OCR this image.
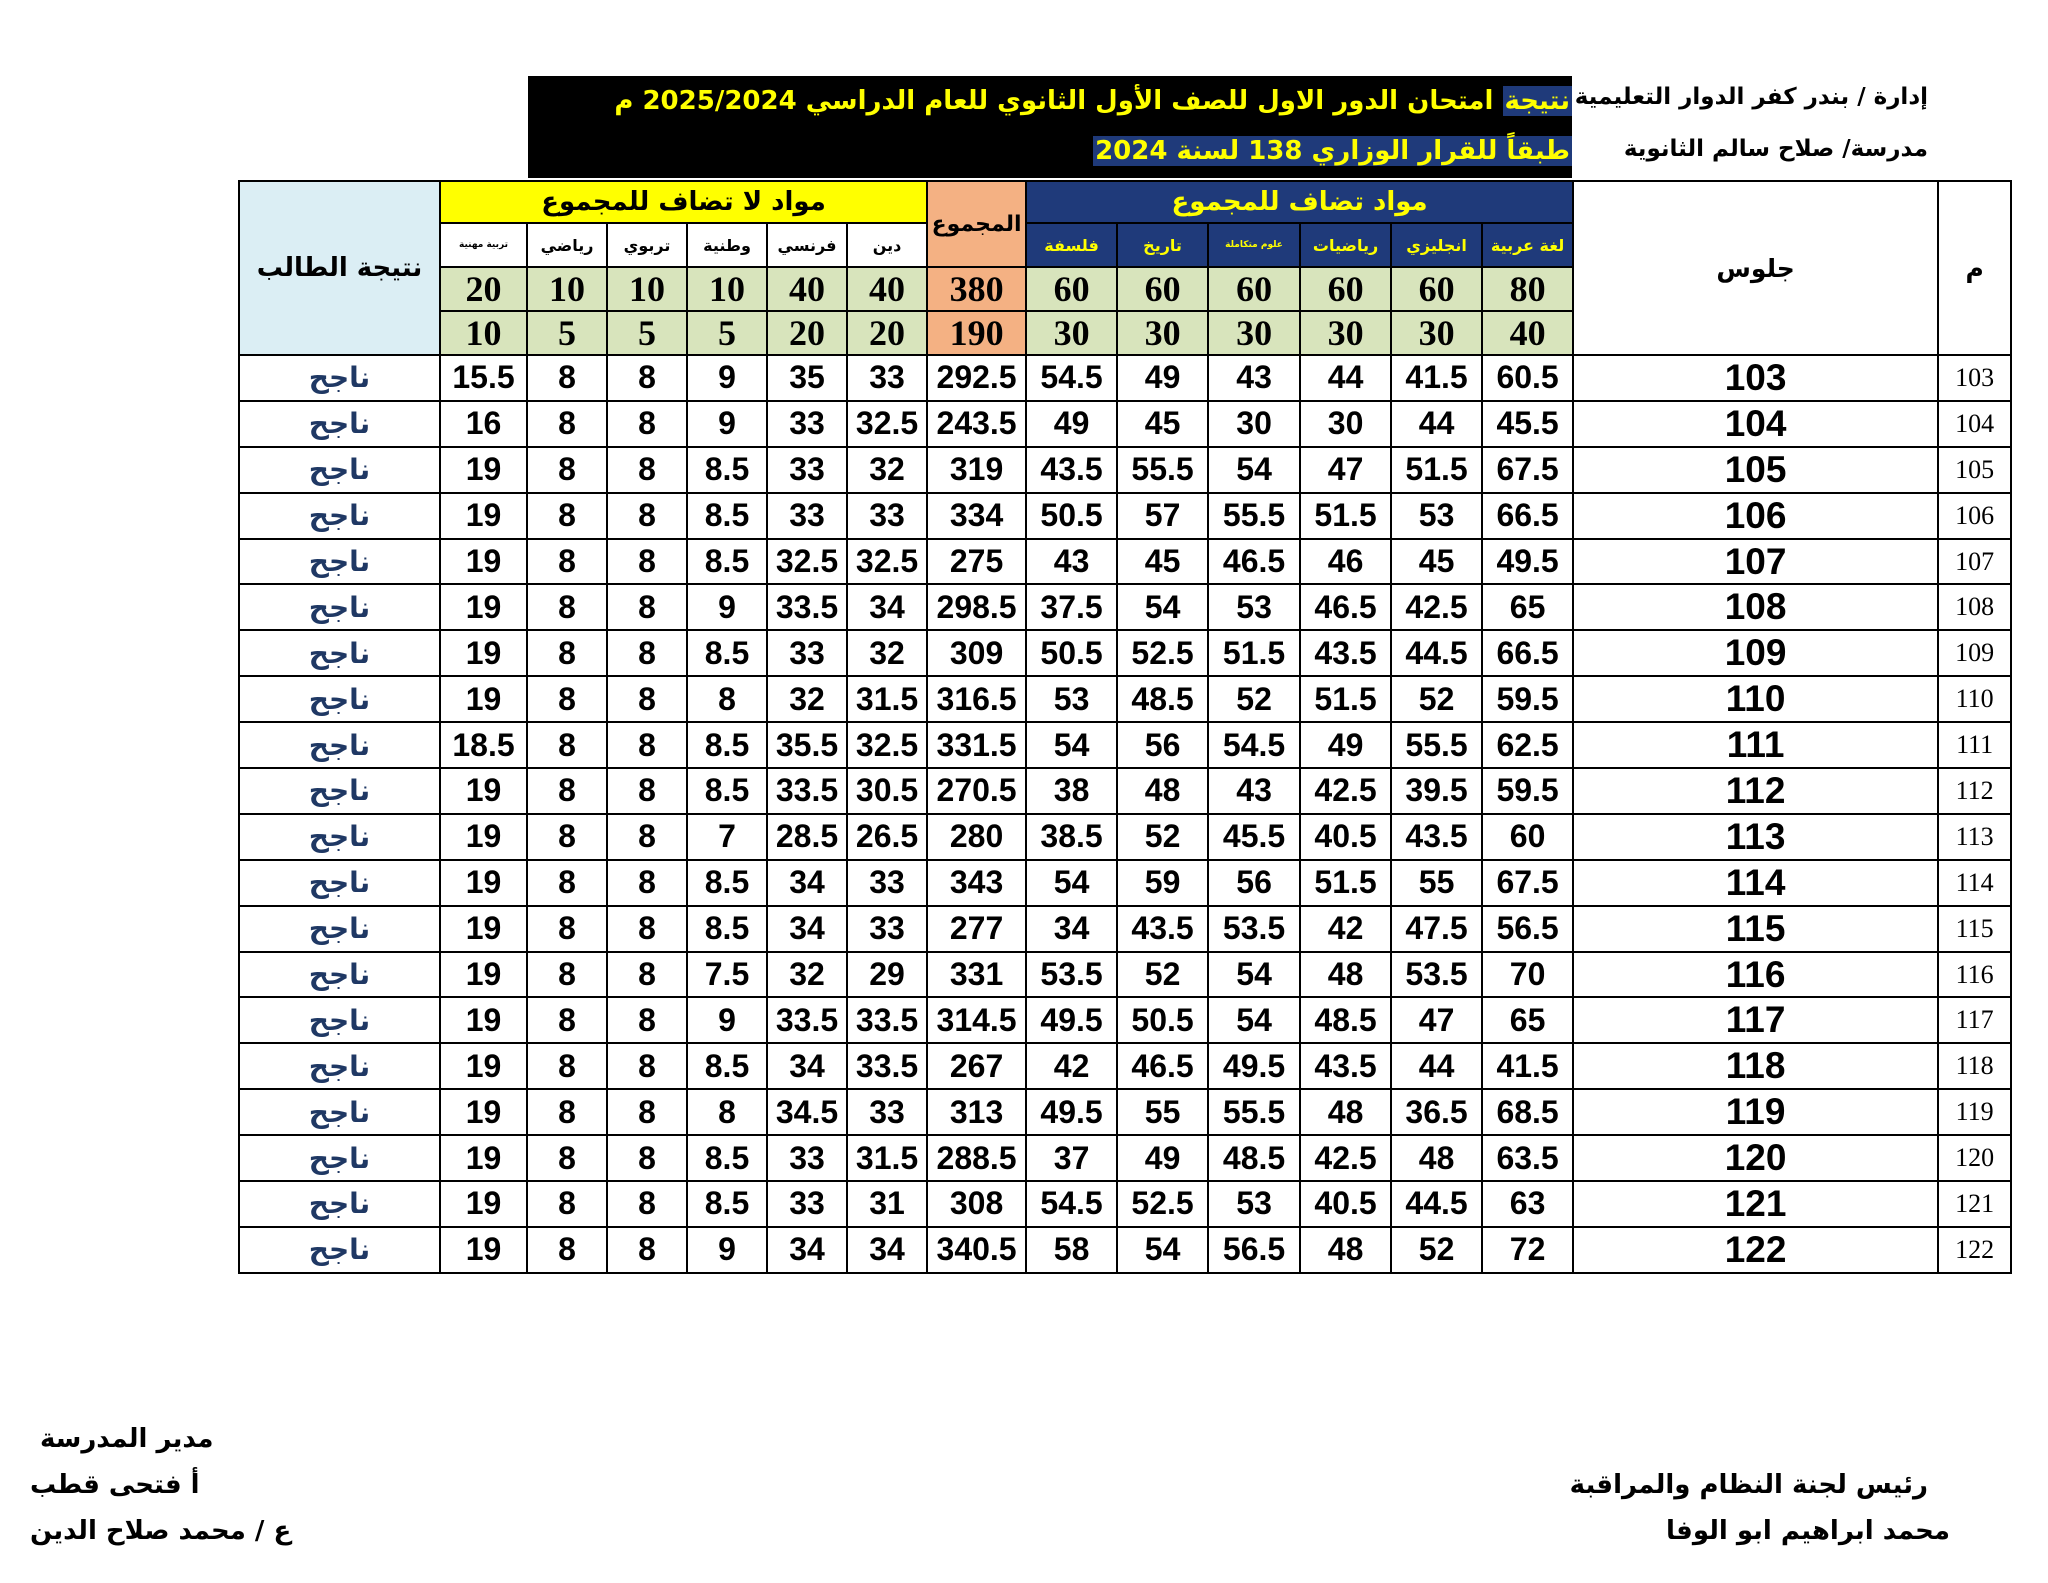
إدارة / بندر كفر الدوار التعليمية
مدرسة/ صلاح سالم الثانوية
نتيجة امتحان الدور الاول للصف الأول الثانوي للعام الدراسي 2025/2024 م
طبقاً للقرار الوزاري 138 لسنة 2024
نتيجة الطالب	مواد لا تضاف للمجموع						المجموع	مواد تضاف للمجموع						جلوس	م
	تربية مهنية	رياضي	تربوي	وطنية	فرنسي	دين		فلسفة	تاريخ	علوم متكاملة	رياضيات	انجليزي	لغة عربية		
	20	10	10	10	40	40	380	60	60	60	60	60	80		
	10	5	5	5	20	20	190	30	30	30	30	30	40		
ناجح	15.5	8	8	9	35	33	292.5	54.5	49	43	44	41.5	60.5	103	103
ناجح	16	8	8	9	33	32.5	243.5	49	45	30	30	44	45.5	104	104
ناجح	19	8	8	8.5	33	32	319	43.5	55.5	54	47	51.5	67.5	105	105
ناجح	19	8	8	8.5	33	33	334	50.5	57	55.5	51.5	53	66.5	106	106
ناجح	19	8	8	8.5	32.5	32.5	275	43	45	46.5	46	45	49.5	107	107
ناجح	19	8	8	9	33.5	34	298.5	37.5	54	53	46.5	42.5	65	108	108
ناجح	19	8	8	8.5	33	32	309	50.5	52.5	51.5	43.5	44.5	66.5	109	109
ناجح	19	8	8	8	32	31.5	316.5	53	48.5	52	51.5	52	59.5	110	110
ناجح	18.5	8	8	8.5	35.5	32.5	331.5	54	56	54.5	49	55.5	62.5	111	111
ناجح	19	8	8	8.5	33.5	30.5	270.5	38	48	43	42.5	39.5	59.5	112	112
ناجح	19	8	8	7	28.5	26.5	280	38.5	52	45.5	40.5	43.5	60	113	113
ناجح	19	8	8	8.5	34	33	343	54	59	56	51.5	55	67.5	114	114
ناجح	19	8	8	8.5	34	33	277	34	43.5	53.5	42	47.5	56.5	115	115
ناجح	19	8	8	7.5	32	29	331	53.5	52	54	48	53.5	70	116	116
ناجح	19	8	8	9	33.5	33.5	314.5	49.5	50.5	54	48.5	47	65	117	117
ناجح	19	8	8	8.5	34	33.5	267	42	46.5	49.5	43.5	44	41.5	118	118
ناجح	19	8	8	8	34.5	33	313	49.5	55	55.5	48	36.5	68.5	119	119
ناجح	19	8	8	8.5	33	31.5	288.5	37	49	48.5	42.5	48	63.5	120	120
ناجح	19	8	8	8.5	33	31	308	54.5	52.5	53	40.5	44.5	63	121	121
ناجح	19	8	8	9	34	34	340.5	58	54	56.5	48	52	72	122	122
مدير المدرسة
أ فتحى قطب
ع / محمد صلاح الدين
رئيس لجنة النظام والمراقبة
محمد ابراهيم ابو الوفا
